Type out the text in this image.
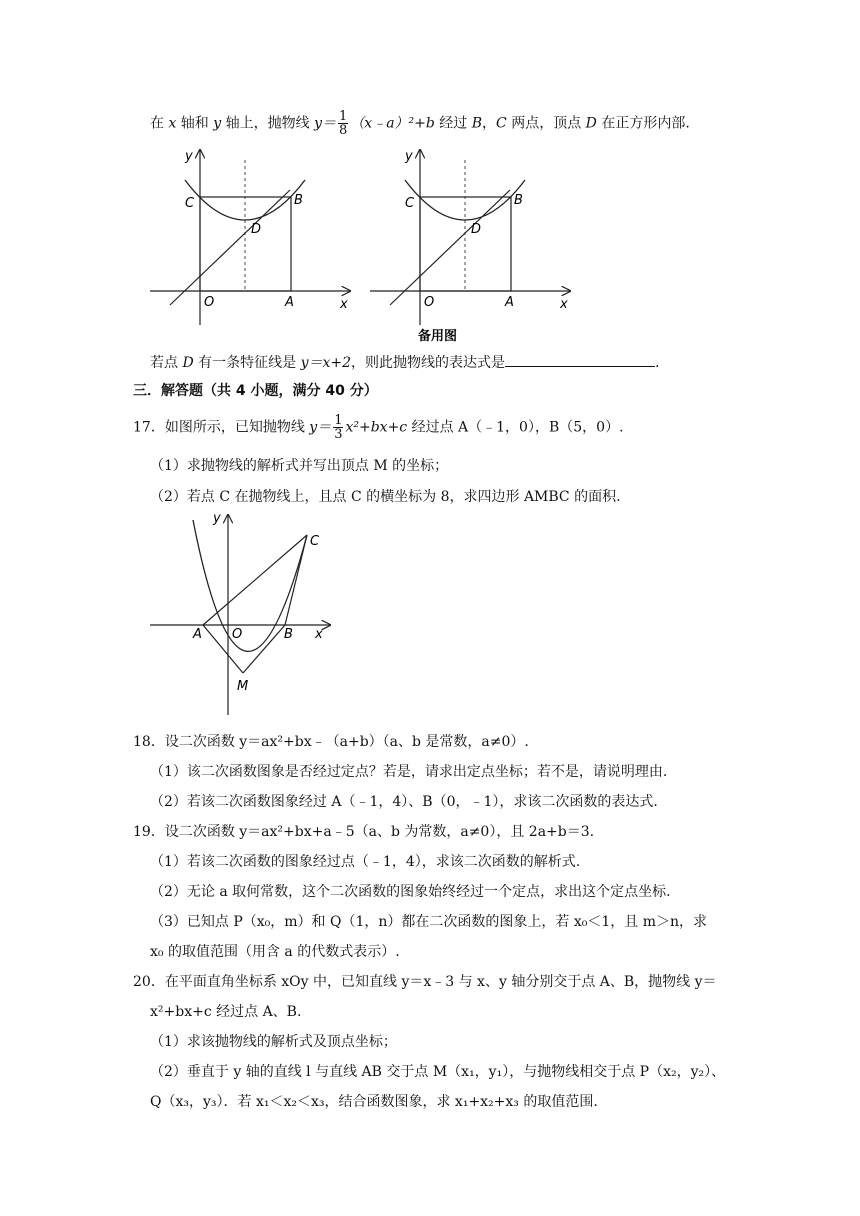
在 x 轴和 y 轴上，抛物线 $y= \frac{1}{8}$ （x﹣a）²+b 经过 B，C 两点，顶点 D 在正方形内部.
y
x
C	B
D
O	A
y
x
C	B
D
O	A
备用图
若点 D 有一条特征线是 y＝x+2，则此抛物线的表达式是	.
三．解答题（共 4 小题，满分 40 分）
17．如图所示，已知抛物线 $y= \frac{1}{3} x^2+bx+c$ 经过点 A（﹣1，0），B（5，0）.
（1）求抛物线的解析式并写出顶点 M 的坐标；
（2）若点 C 在抛物线上，且点 C 的横坐标为 8，求四边形 AMBC 的面积.
y
x
C
A O	B
M
18．设二次函数 y＝ax²+bx﹣（a+b）（a、b 是常数，a≠0）.
（1）该二次函数图象是否经过定点？若是，请求出定点坐标；若不是，请说明理由.
（2）若该二次函数图象经过 A（﹣1，4）、B（0，﹣1），求该二次函数的表达式.
19．设二次函数 y＝ax²+bx+a﹣5（a、b 为常数，a≠0），且 2a+b＝3.
（1）若该二次函数的图象经过点（﹣1，4），求该二次函数的解析式.
（2）无论 a 取何常数，这个二次函数的图象始终经过一个定点，求出这个定点坐标.
（3）已知点 P（x₀，m）和 Q（1，n）都在二次函数的图象上，若 x₀＜1，且 m＞n，求
x₀ 的取值范围（用含 a 的代数式表示）.
20．在平面直角坐标系 xOy 中，已知直线 y＝x﹣3 与 x、y 轴分别交于点 A、B，抛物线 y＝
x²+bx+c 经过点 A、B.
（1）求该抛物线的解析式及顶点坐标；
（2）垂直于 y 轴的直线 l 与直线 AB 交于点 M（x₁，y₁），与抛物线相交于点 P（x₂，y₂）、
Q（x₃，y₃）．若 x₁＜x₂＜x₃，结合函数图象，求 x₁+x₂+x₃ 的取值范围.
